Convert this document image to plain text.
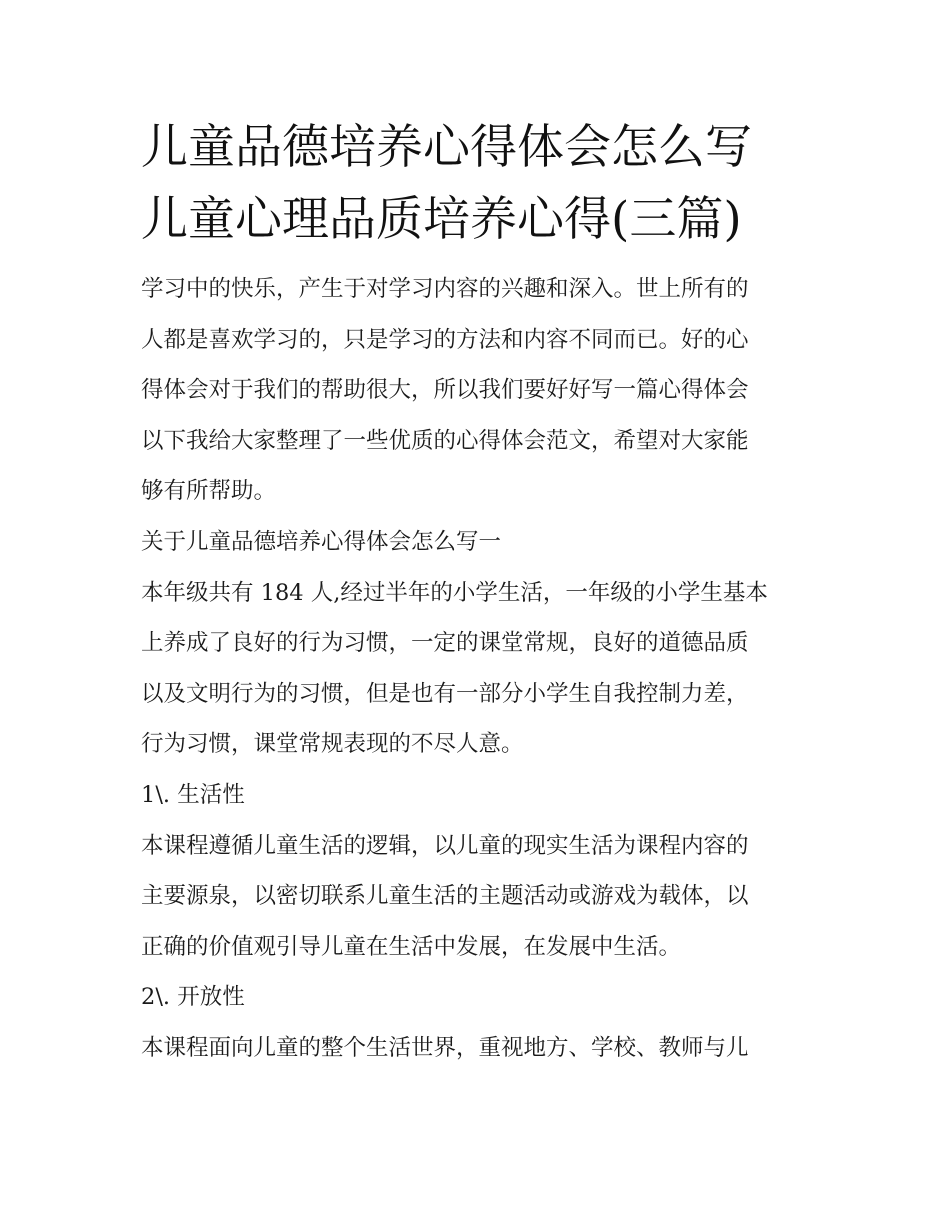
儿童品德培养心得体会怎么写
儿童心理品质培养心得(三篇)
学习中的快乐，产生于对学习内容的兴趣和深入。世上所有的
人都是喜欢学习的，只是学习的方法和内容不同而已。好的心
得体会对于我们的帮助很大，所以我们要好好写一篇心得体会
以下我给大家整理了一些优质的心得体会范文，希望对大家能
够有所帮助。
关于儿童品德培养心得体会怎么写一
本年级共有 184 人,经过半年的小学生活，一年级的小学生基本
上养成了良好的行为习惯，一定的课堂常规，良好的道德品质
以及文明行为的习惯，但是也有一部分小学生自我控制力差，
行为习惯，课堂常规表现的不尽人意。
1\. 生活性
本课程遵循儿童生活的逻辑，以儿童的现实生活为课程内容的
主要源泉，以密切联系儿童生活的主题活动或游戏为载体，以
正确的价值观引导儿童在生活中发展，在发展中生活。
2\. 开放性
本课程面向儿童的整个生活世界，重视地方、学校、教师与儿
